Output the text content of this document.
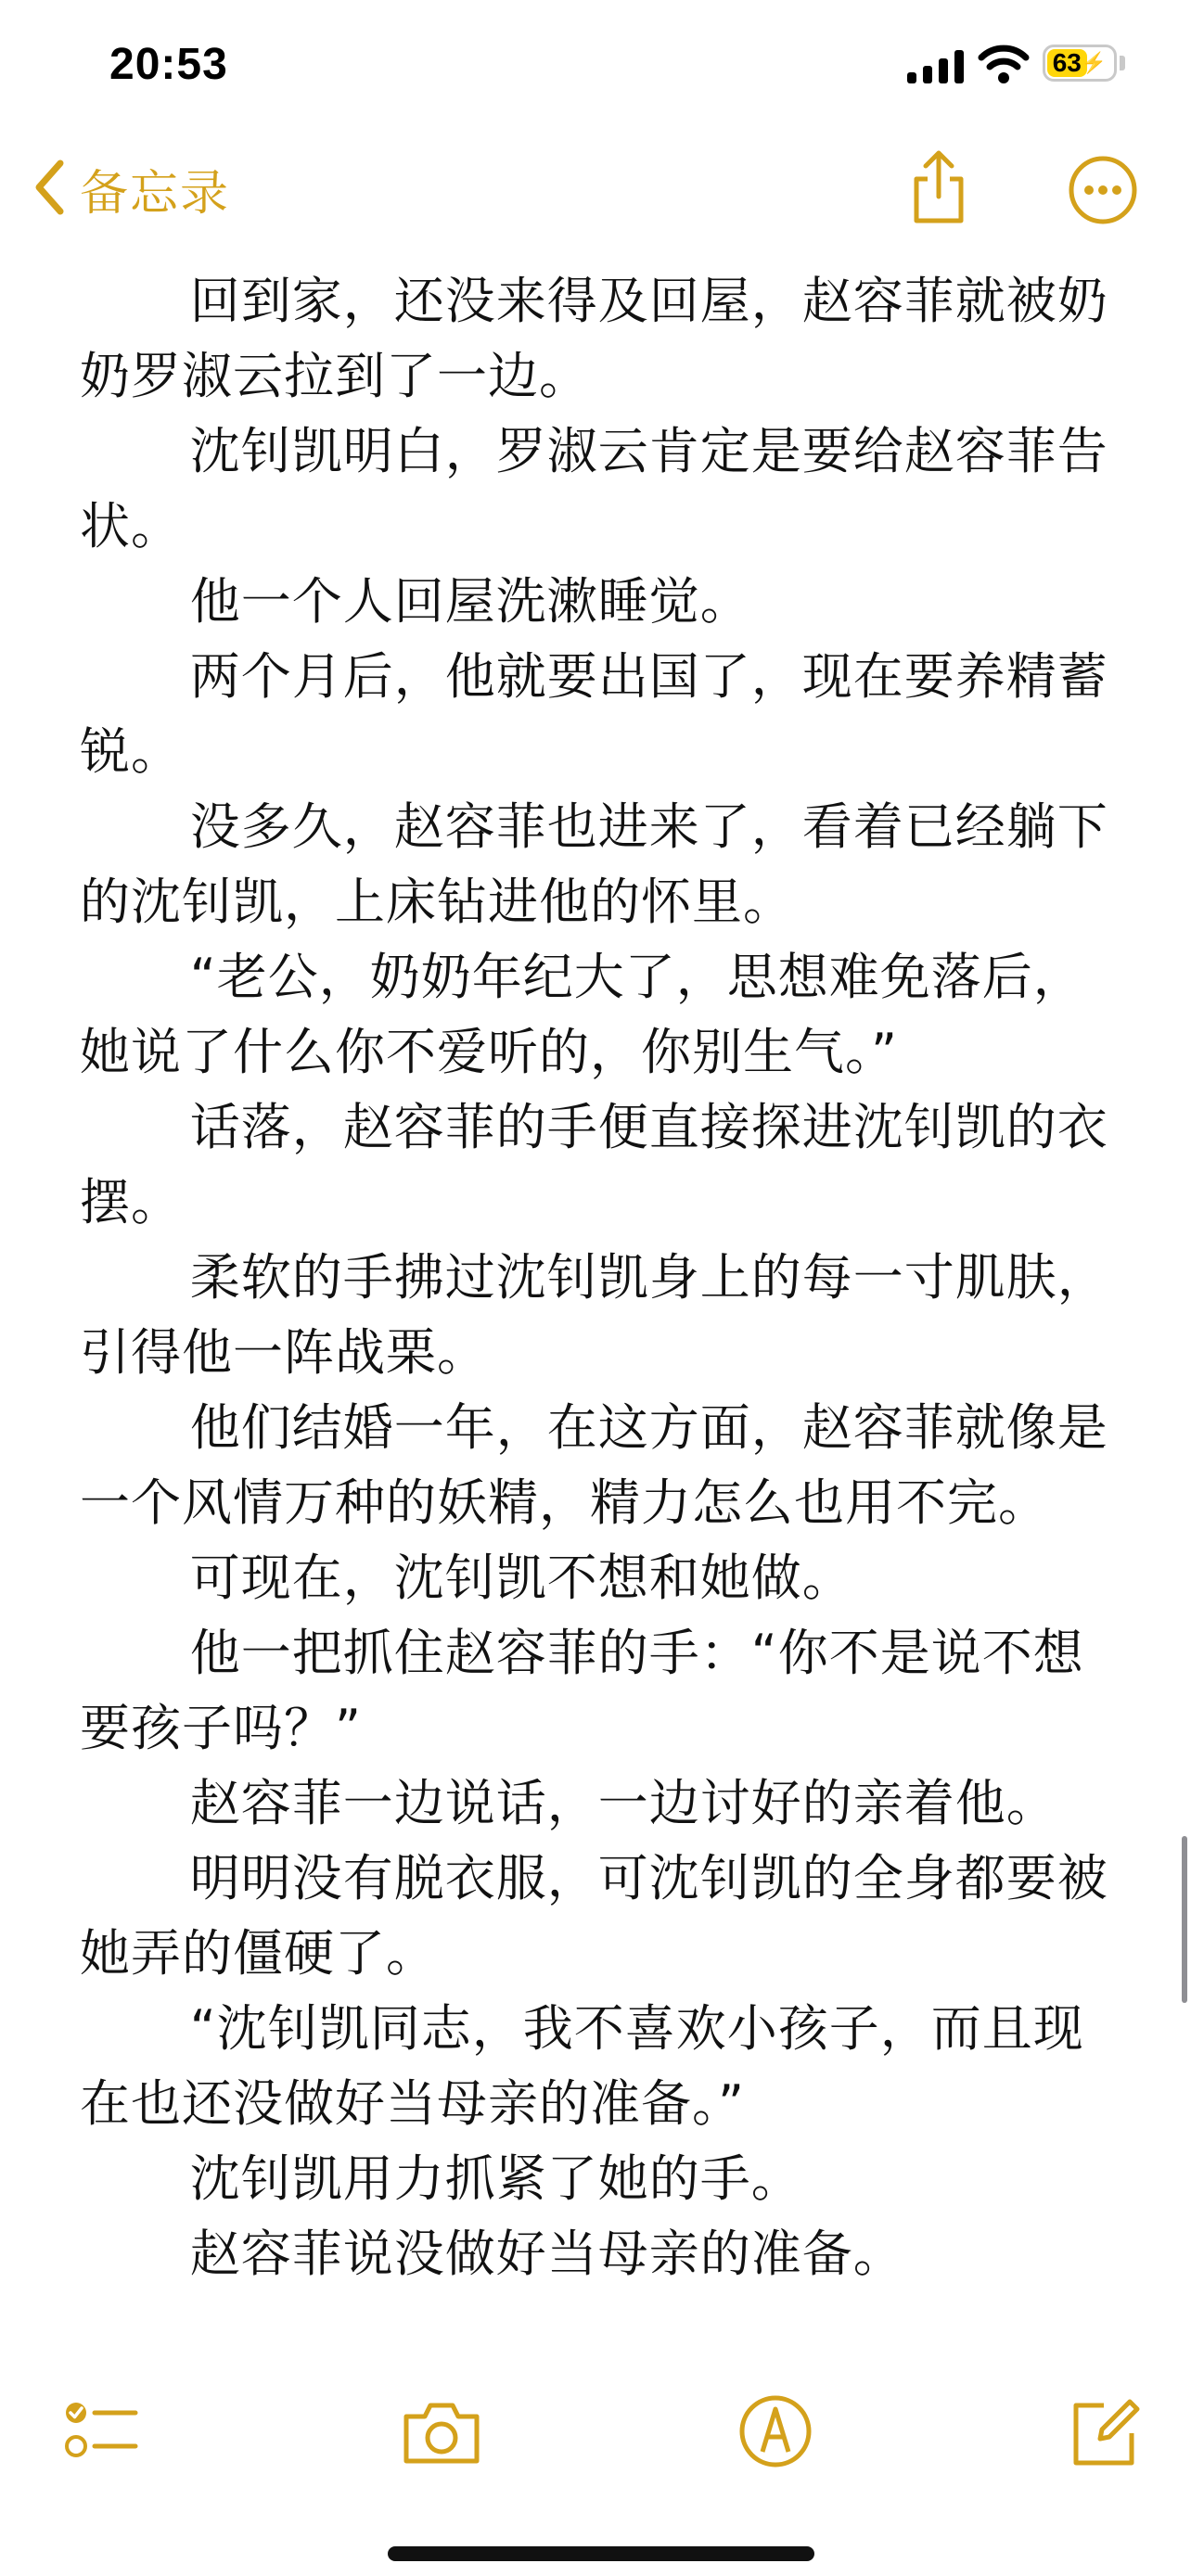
20:53	63 ⚡
备忘录

回到家，还没来得及回屋，赵容菲就被奶奶罗淑云拉到了一边。

沈钊凯明白，罗淑云肯定是要给赵容菲告状。

他一个人回屋洗漱睡觉。

两个月后，他就要出国了，现在要养精蓄锐。

没多久，赵容菲也进来了，看着已经躺下的沈钊凯，上床钻进他的怀里。

“老公，奶奶年纪大了，思想难免落后，她说了什么你不爱听的，你别生气。”

话落，赵容菲的手便直接探进沈钊凯的衣摆。

柔软的手拂过沈钊凯身上的每一寸肌肤，引得他一阵战栗。

他们结婚一年，在这方面，赵容菲就像是一个风情万种的妖精，精力怎么也用不完。

可现在，沈钊凯不想和她做。

他一把抓住赵容菲的手：“你不是说不想要孩子吗？”

赵容菲一边说话，一边讨好的亲着他。

明明没有脱衣服，可沈钊凯的全身都要被她弄的僵硬了。

“沈钊凯同志，我不喜欢小孩子，而且现在也还没做好当母亲的准备。”

沈钊凯用力抓紧了她的手。

赵容菲说没做好当母亲的准备。
